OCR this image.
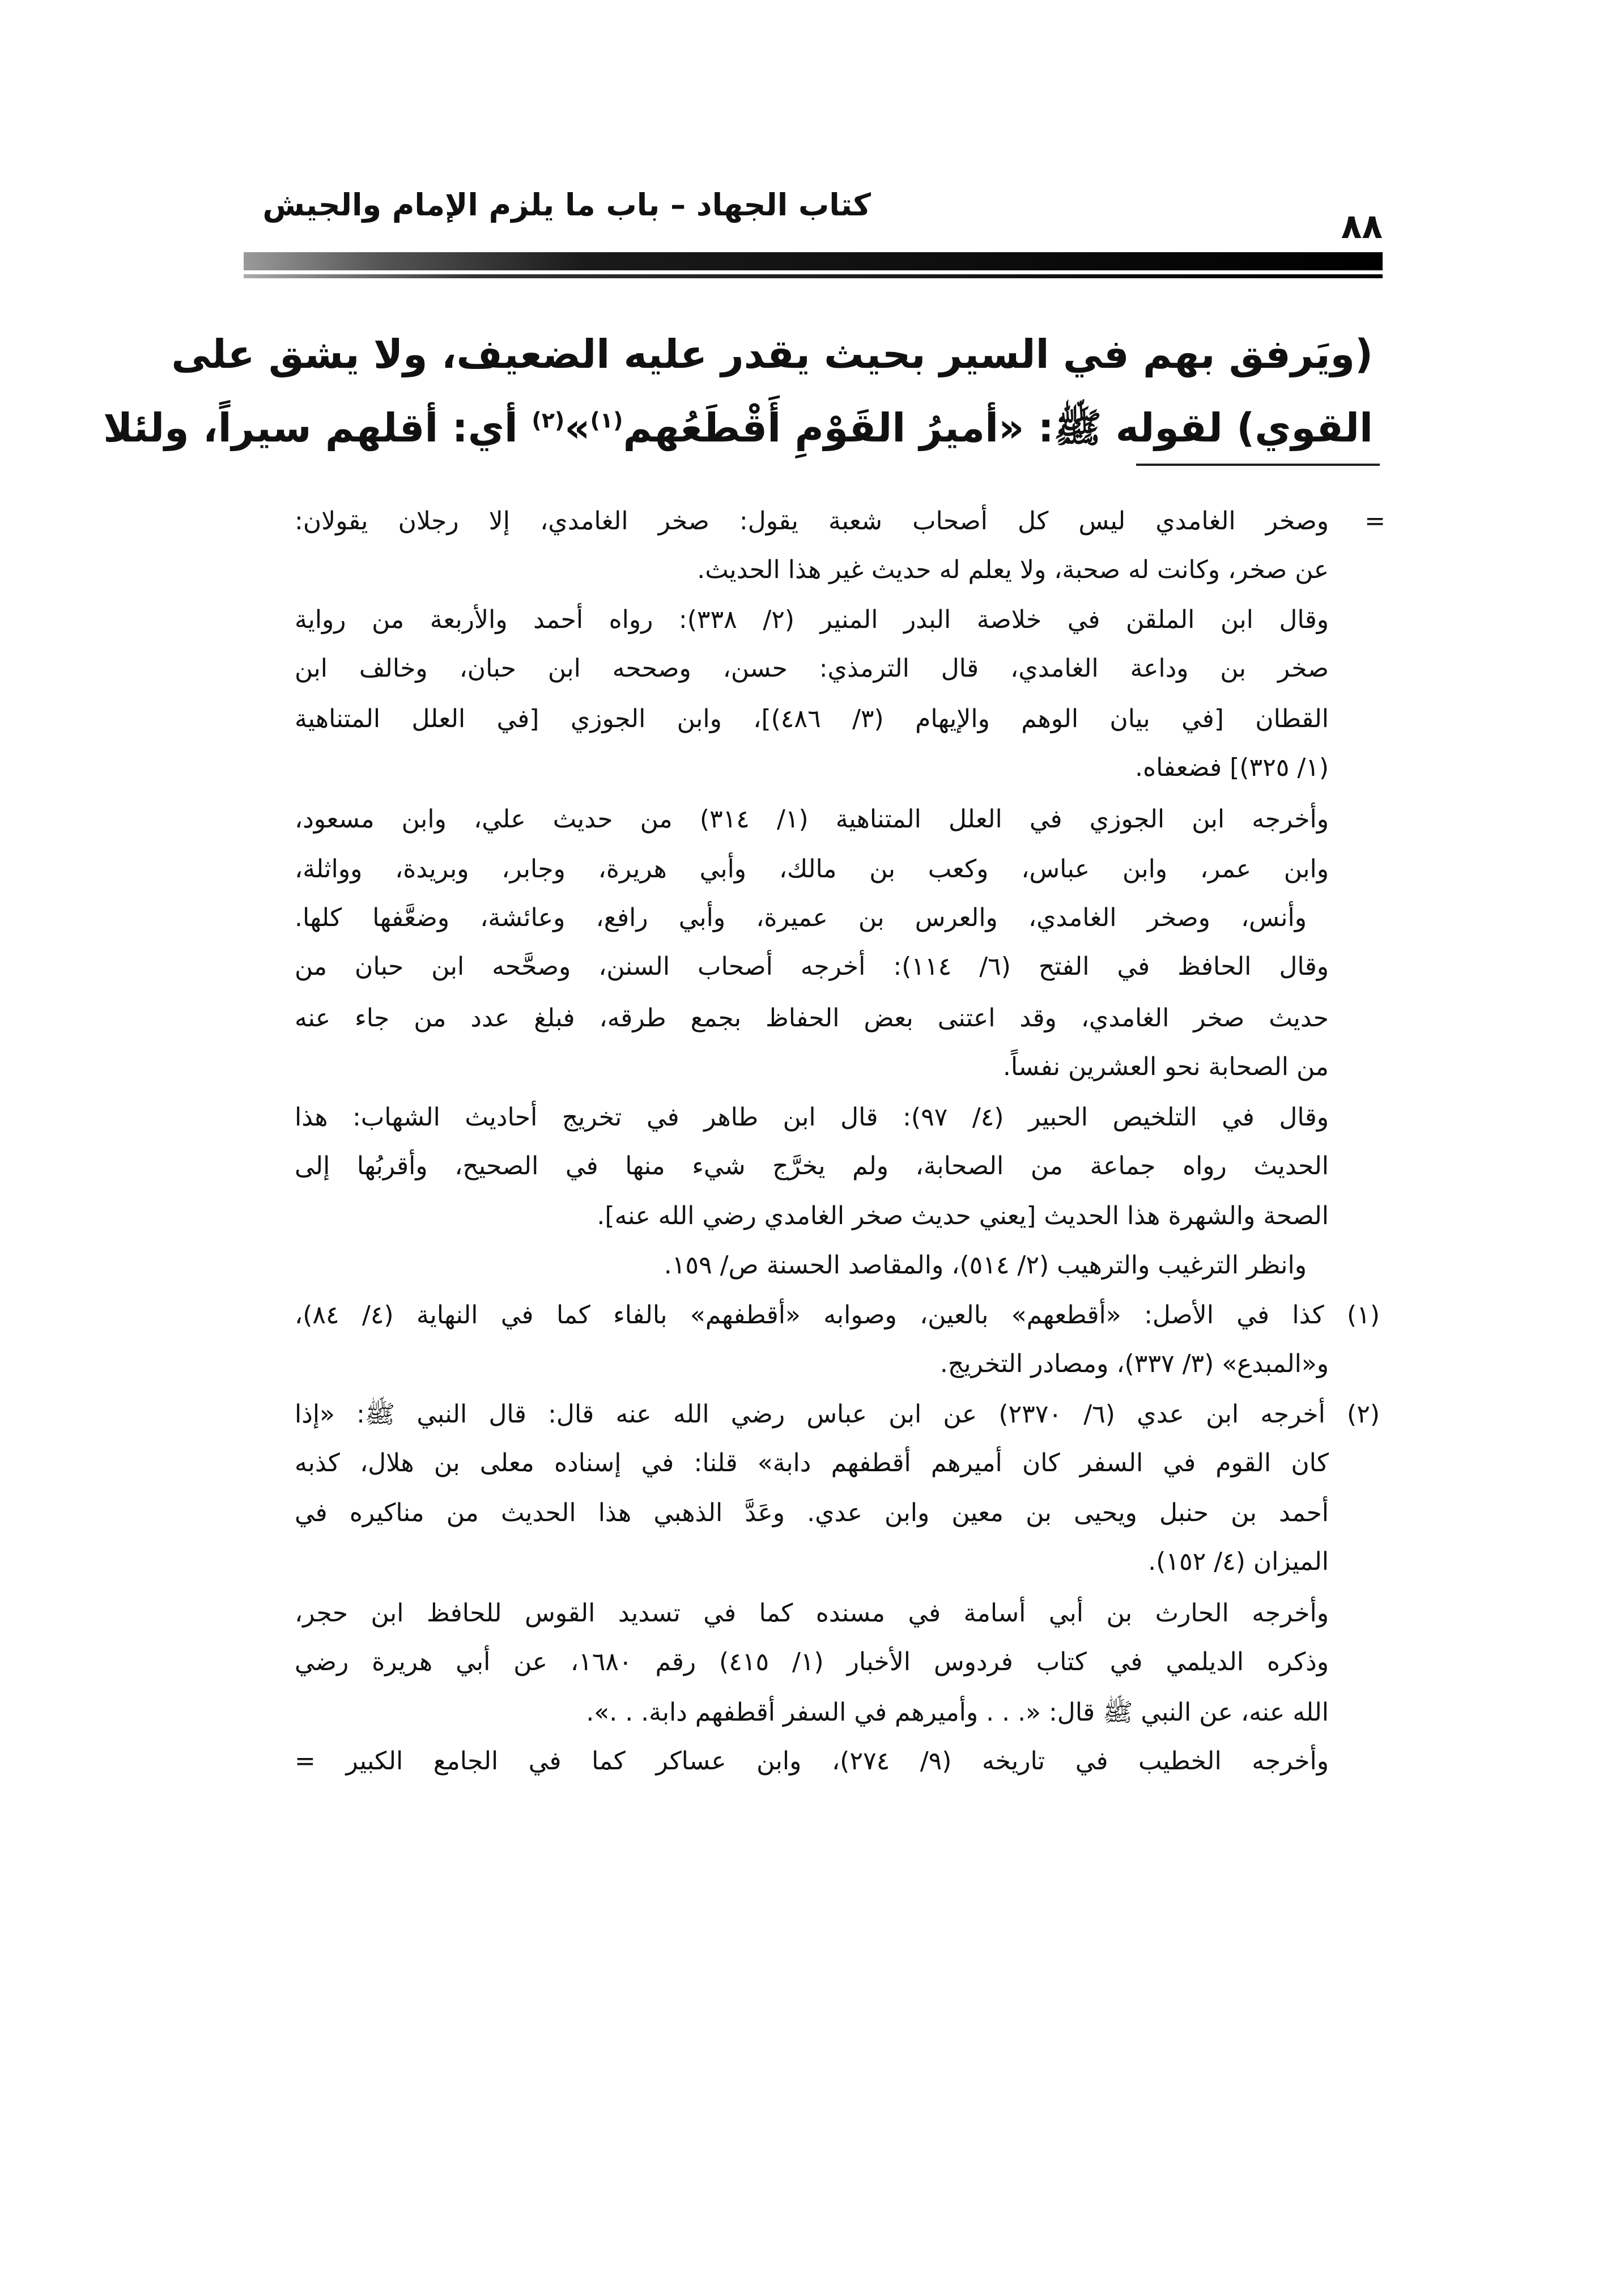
كتاب الجهاد – باب ما يلزم الإمام والجيش
٨٨
(ويَرفق بهم في السير بحيث يقدر عليه الضعيف، ولا يشق على
القوي) لقوله ﷺ: «أميرُ القَوْمِ أَقْطَعُهم$^{(١)}$»$^{(٢)}$ أي: أقلهم سيراً، ولئلا
=
وصخر الغامدي ليس كل أصحاب شعبة يقول: صخر الغامدي، إلا رجلان يقولان:
عن صخر، وكانت له صحبة، ولا يعلم له حديث غير هذا الحديث.
وقال ابن الملقن في خلاصة البدر المنير (٢/ ٣٣٨): رواه أحمد والأربعة من رواية
صخر بن وداعة الغامدي، قال الترمذي: حسن، وصححه ابن حبان، وخالف ابن
القطان [في بيان الوهم والإيهام (٣/ ٤٨٦)]، وابن الجوزي [في العلل المتناهية
(١/ ٣٢٥)] فضعفاه.
وأخرجه ابن الجوزي في العلل المتناهية (١/ ٣١٤) من حديث علي، وابن مسعود،
وابن عمر، وابن عباس، وكعب بن مالك، وأبي هريرة، وجابر، وبريدة، وواثلة،
وأنس، وصخر الغامدي، والعرس بن عميرة، وأبي رافع، وعائشة، وضعَّفها كلها.
وقال الحافظ في الفتح (٦/ ١١٤): أخرجه أصحاب السنن، وصحَّحه ابن حبان من
حديث صخر الغامدي، وقد اعتنى بعض الحفاظ بجمع طرقه، فبلغ عدد من جاء عنه
من الصحابة نحو العشرين نفساً.
وقال في التلخيص الحبير (٤/ ٩٧): قال ابن طاهر في تخريج أحاديث الشهاب: هذا
الحديث رواه جماعة من الصحابة، ولم يخرَّج شيء منها في الصحيح، وأقربُها إلى
الصحة والشهرة هذا الحديث [يعني حديث صخر الغامدي رضي الله عنه].
وانظر الترغيب والترهيب (٢/ ٥١٤)، والمقاصد الحسنة ص/ ١٥٩.
(١) كذا في الأصل: «أقطعهم» بالعين، وصوابه «أقطفهم» بالفاء كما في النهاية (٤/ ٨٤)،
و«المبدع» (٣/ ٣٣٧)، ومصادر التخريج.
(٢) أخرجه ابن عدي (٦/ ٢٣٧٠) عن ابن عباس رضي الله عنه قال: قال النبي ﷺ: «إذا
كان القوم في السفر كان أميرهم أقطفهم دابة» قلنا: في إسناده معلى بن هلال، كذبه
أحمد بن حنبل ويحيى بن معين وابن عدي. وعَدَّ الذهبي هذا الحديث من مناكيره في
الميزان (٤/ ١٥٢).
وأخرجه الحارث بن أبي أسامة في مسنده كما في تسديد القوس للحافظ ابن حجر،
وذكره الديلمي في كتاب فردوس الأخبار (١/ ٤١٥) رقم ١٦٨٠، عن أبي هريرة رضي
الله عنه، عن النبي ﷺ قال: «. . . وأميرهم في السفر أقطفهم دابة. . .».
وأخرجه الخطيب في تاريخه (٩/ ٢٧٤)، وابن عساكر كما في الجامع الكبير =
